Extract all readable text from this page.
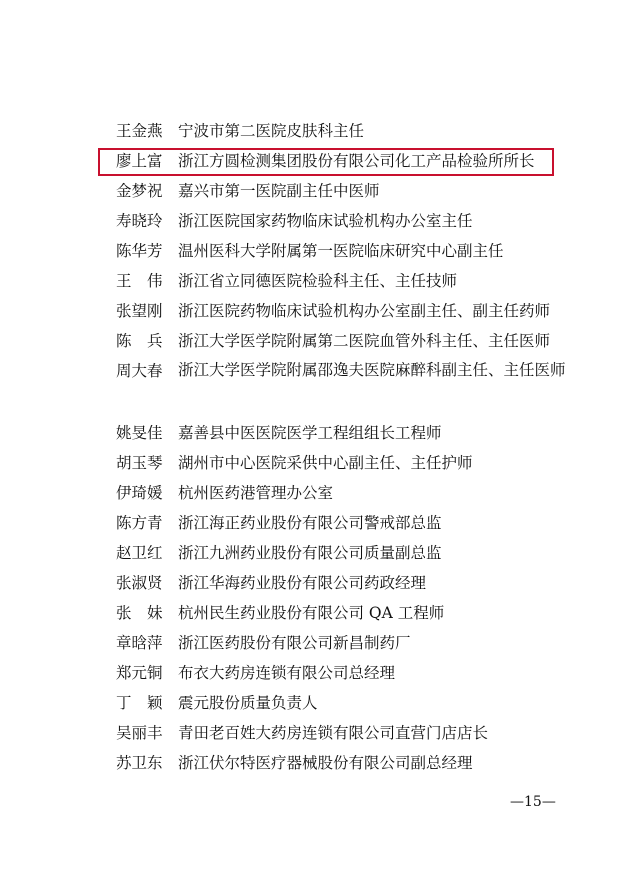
王金燕 宁波市第二医院皮肤科主任
廖上富 浙江方圆检测集团股份有限公司化工产品检验所所长
金梦祝 嘉兴市第一医院副主任中医师
寿晓玲 浙江医院国家药物临床试验机构办公室主任
陈华芳 温州医科大学附属第一医院临床研究中心副主任
王　伟 浙江省立同德医院检验科主任、主任技师
张望刚 浙江医院药物临床试验机构办公室副主任、副主任药师
陈　兵 浙江大学医学院附属第二医院血管外科主任、主任医师
周大春 浙江大学医学院附属邵逸夫医院麻醉科副主任、主任医师
姚旻佳 嘉善县中医医院医学工程组组长工程师
胡玉琴 湖州市中心医院采供中心副主任、主任护师
伊琦媛 杭州医药港管理办公室
陈方青 浙江海正药业股份有限公司警戒部总监
赵卫红 浙江九洲药业股份有限公司质量副总监
张淑贤 浙江华海药业股份有限公司药政经理
张　妹 杭州民生药业股份有限公司 QA 工程师
章晗萍 浙江医药股份有限公司新昌制药厂
郑元铜 布衣大药房连锁有限公司总经理
丁　颖 震元股份质量负责人
吴丽丰 青田老百姓大药房连锁有限公司直营门店店长
苏卫东 浙江伏尔特医疗器械股份有限公司副总经理
—15—
